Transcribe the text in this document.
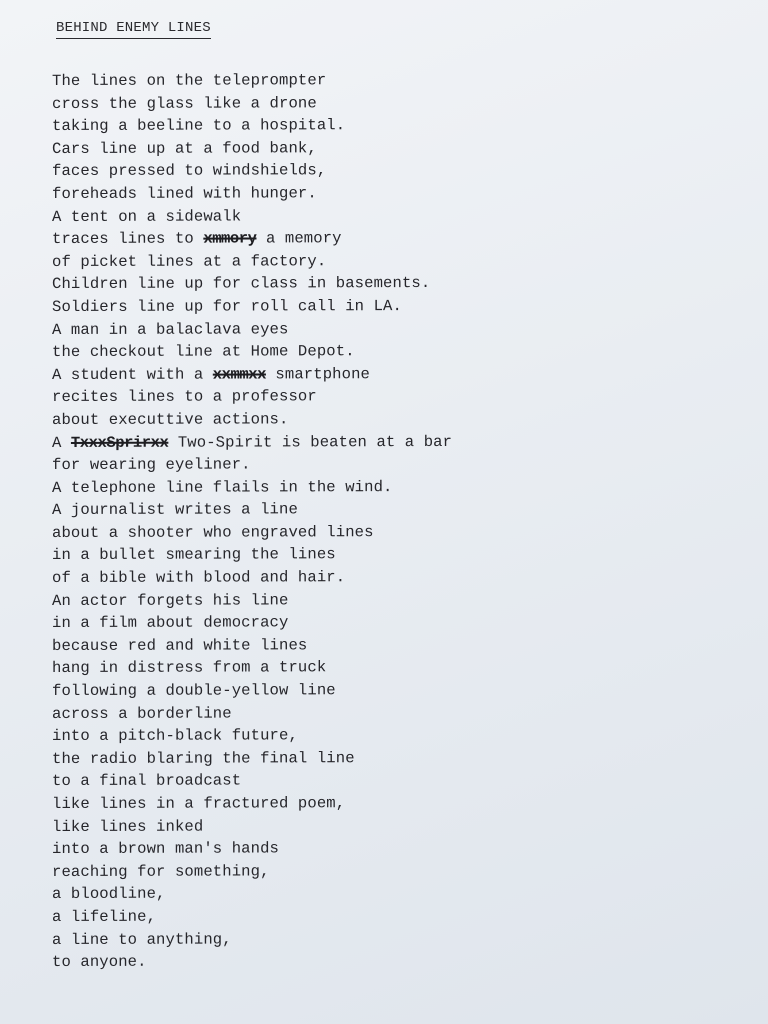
BEHIND ENEMY LINES
The lines on the teleprompter
cross the glass like a drone
taking a beeline to a hospital.
Cars line up at a food bank,
faces pressed to windshields,
foreheads lined with hunger.
A tent on a sidewalk
traces lines to xmmory a memory
of picket lines at a factory.
Children line up for class in basements.
Soldiers line up for roll call in LA.
A man in a balaclava eyes
the checkout line at Home Depot.
A student with a xxmmxx smartphone
recites lines to a professor
about executtive actions.
A TxxxSprirxx Two-Spirit is beaten at a bar
for wearing eyeliner.
A telephone line flails in the wind.
A journalist writes a line
about a shooter who engraved lines
in a bullet smearing the lines
of a bible with blood and hair.
An actor forgets his line
in a film about democracy
because red and white lines
hang in distress from a truck
following a double-yellow line
across a borderline
into a pitch-black future,
the radio blaring the final line
to a final broadcast
like lines in a fractured poem,
like lines inked
into a brown man's hands
reaching for something,
a bloodline,
a lifeline,
a line to anything,
to anyone.
